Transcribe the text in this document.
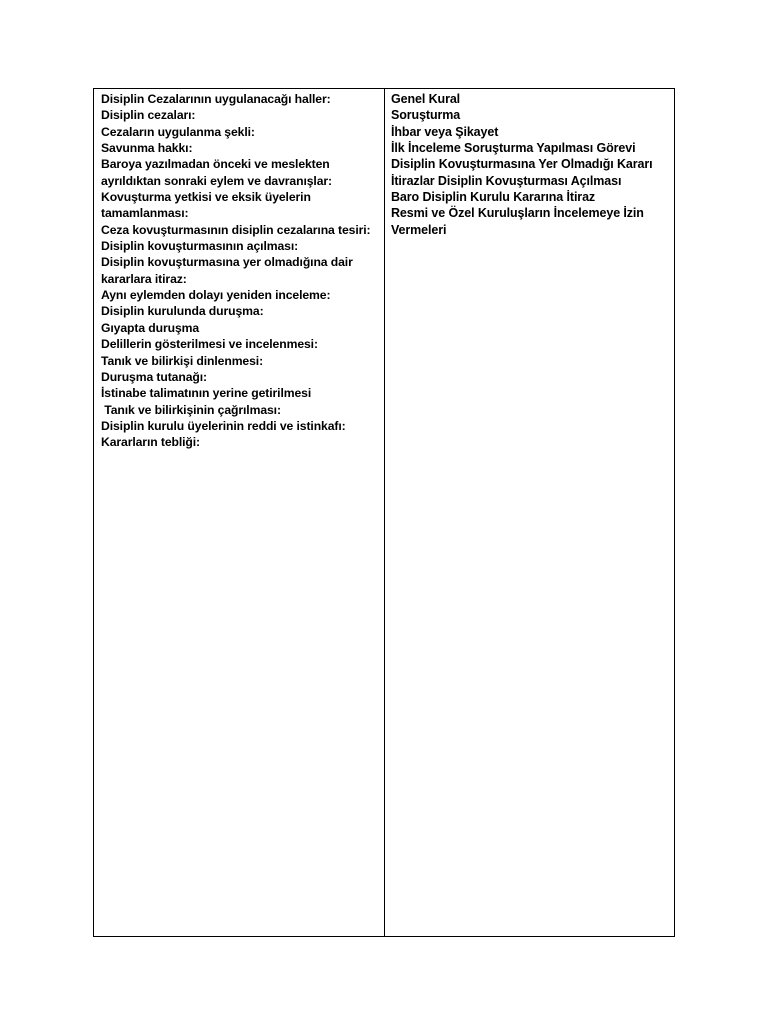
Disiplin Cezalarının uygulanacağı haller:
Disiplin cezaları:
Cezaların uygulanma şekli:
Savunma hakkı:
Baroya yazılmadan önceki ve meslekten
ayrıldıktan sonraki eylem ve davranışlar:
Kovuşturma yetkisi ve eksik üyelerin
tamamlanması:
Ceza kovuşturmasının disiplin cezalarına tesiri:
Disiplin kovuşturmasının açılması:
Disiplin kovuşturmasına yer olmadığına dair
kararlara itiraz:
Aynı eylemden dolayı yeniden inceleme:
Disiplin kurulunda duruşma:
Gıyapta duruşma
Delillerin gösterilmesi ve incelenmesi:
Tanık ve bilirkişi dinlenmesi:
Duruşma tutanağı:
İstinabe talimatının yerine getirilmesi
Tanık ve bilirkişinin çağrılması:
Disiplin kurulu üyelerinin reddi ve istinkafı:
Kararların tebliği:
Genel Kural
Soruşturma
İhbar veya Şikayet
İlk İnceleme Soruşturma Yapılması Görevi
Disiplin Kovuşturmasına Yer Olmadığı Kararı
İtirazlar Disiplin Kovuşturması Açılması
Baro Disiplin Kurulu Kararına İtiraz
Resmi ve Özel Kuruluşların İncelemeye İzin
Vermeleri
